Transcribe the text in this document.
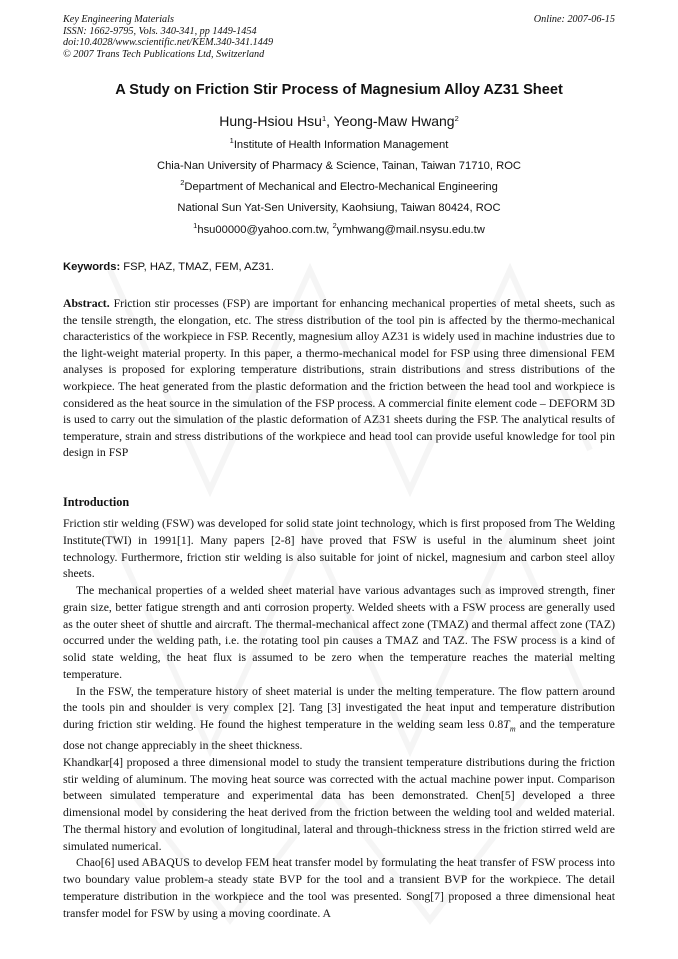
Key Engineering Materials
ISSN: 1662-9795, Vols. 340-341, pp 1449-1454
doi:10.4028/www.scientific.net/KEM.340-341.1449
© 2007 Trans Tech Publications Ltd, Switzerland
Online: 2007-06-15
A Study on Friction Stir Process of Magnesium Alloy AZ31 Sheet
Hung-Hsiou Hsu$^1$, Yeong-Maw Hwang$^2$
$^1$Institute of Health Information Management
Chia-Nan University of Pharmacy & Science, Tainan, Taiwan 71710, ROC
$^2$Department of Mechanical and Electro-Mechanical Engineering
National Sun Yat-Sen University, Kaohsiung, Taiwan 80424, ROC
$^1$hsu00000@yahoo.com.tw, $^2$ymhwang@mail.nsysu.edu.tw
Keywords: FSP, HAZ, TMAZ, FEM, AZ31.
Abstract. Friction stir processes (FSP) are important for enhancing mechanical properties of metal sheets, such as the tensile strength, the elongation, etc. The stress distribution of the tool pin is affected by the thermo-mechanical characteristics of the workpiece in FSP. Recently, magnesium alloy AZ31 is widely used in machine industries due to the light-weight material property. In this paper, a thermo-mechanical model for FSP using three dimensional FEM analyses is proposed for exploring temperature distributions, strain distributions and stress distributions of the workpiece. The heat generated from the plastic deformation and the friction between the head tool and workpiece is considered as the heat source in the simulation of the FSP process. A commercial finite element code – DEFORM 3D is used to carry out the simulation of the plastic deformation of AZ31 sheets during the FSP. The analytical results of temperature, strain and stress distributions of the workpiece and head tool can provide useful knowledge for tool pin design in FSP
Introduction

Friction stir welding (FSW) was developed for solid state joint technology, which is first proposed from The Welding Institute(TWI) in 1991[1]. Many papers [2-8] have proved that FSW is useful in the aluminum sheet joint technology. Furthermore, friction stir welding is also suitable for joint of nickel, magnesium and carbon steel alloy sheets.

The mechanical properties of a welded sheet material have various advantages such as improved strength, finer grain size, better fatigue strength and anti corrosion property. Welded sheets with a FSW process are generally used as the outer sheet of shuttle and aircraft. The thermal-mechanical affect zone (TMAZ) and thermal affect zone (TAZ) occurred under the welding path, i.e. the rotating tool pin causes a TMAZ and TAZ. The FSW process is a kind of solid state welding, the heat flux is assumed to be zero when the temperature reaches the material melting temperature.

In the FSW, the temperature history of sheet material is under the melting temperature. The flow pattern around the tools pin and shoulder is very complex [2]. Tang [3] investigated the heat input and temperature distribution during friction stir welding. He found the highest temperature in the welding seam less $0.8T_m$ and the temperature dose not change appreciably in the sheet thickness.

Khandkar[4] proposed a three dimensional model to study the transient temperature distributions during the friction stir welding of aluminum. The moving heat source was corrected with the actual machine power input. Comparison between simulated temperature and experimental data has been demonstrated. Chen[5] developed a three dimensional model by considering the heat derived from the friction between the welding tool and welded material. The thermal history and evolution of longitudinal, lateral and through-thickness stress in the friction stirred weld are simulated numerical.

Chao[6] used ABAQUS to develop FEM heat transfer model by formulating the heat transfer of FSW process into two boundary value problem-a steady state BVP for the tool and a transient BVP for the workpiece. The detail temperature distribution in the workpiece and the tool was presented. Song[7] proposed a three dimensional heat transfer model for FSW by using a moving coordinate. A
